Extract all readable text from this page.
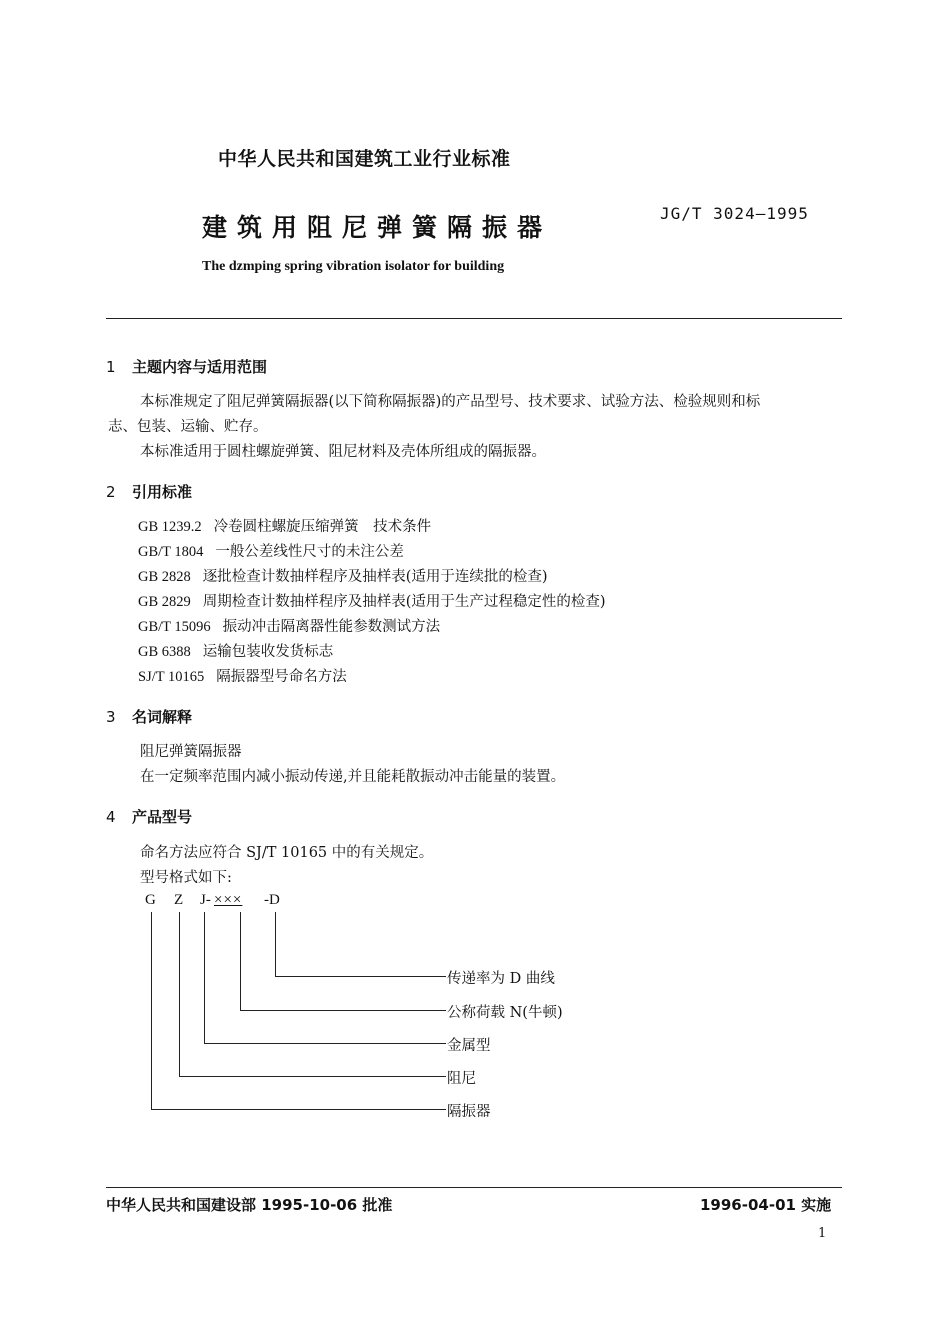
中华人民共和国建筑工业行业标准
建筑用阻尼弹簧隔振器	JG/T 3024—1995
The dzmping spring vibration isolator for building
1 主题内容与适用范围
本标准规定了阻尼弹簧隔振器(以下简称隔振器)的产品型号、技术要求、试验方法、检验规则和标
志、包装、运输、贮存。
本标准适用于圆柱螺旋弹簧、阻尼材料及壳体所组成的隔振器。
2 引用标准
GB 1239.2 冷卷圆柱螺旋压缩弹簧　技术条件
GB/T 1804 一般公差线性尺寸的未注公差
GB 2828 逐批检查计数抽样程序及抽样表(适用于连续批的检查)
GB 2829 周期检查计数抽样程序及抽样表(适用于生产过程稳定性的检查)
GB/T 15096 振动冲击隔离器性能参数测试方法
GB 6388 运输包装收发货标志
SJ/T 10165 隔振器型号命名方法
3 名词解释
阻尼弹簧隔振器
在一定频率范围内减小振动传递,并且能耗散振动冲击能量的装置。
4 产品型号
命名方法应符合 SJ/T 10165 中的有关规定。
型号格式如下:
G Z J- ××× -D
传递率为 D 曲线
公称荷载 N(牛顿)
金属型
阻尼
隔振器
中华人民共和国建设部 1995-10-06 批准	1996-04-01 实施
1
